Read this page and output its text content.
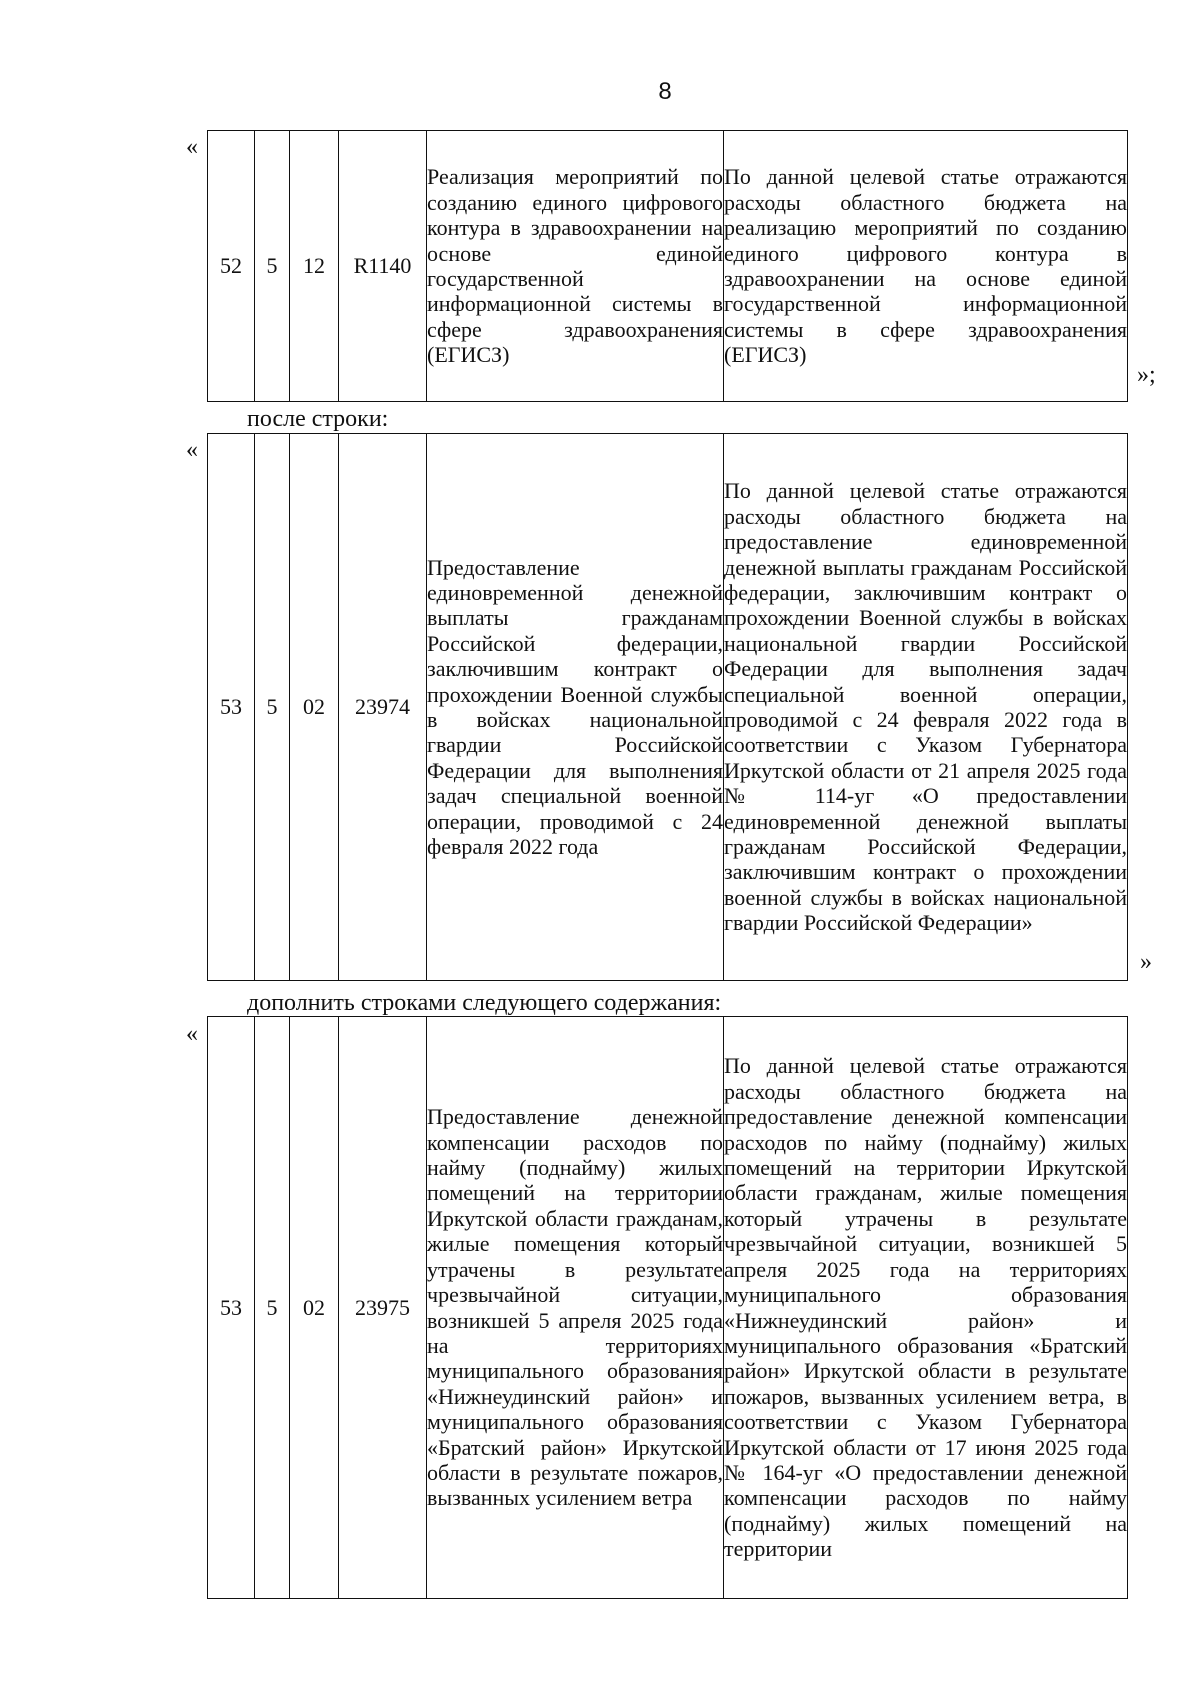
8
«
52	5	12	R1140	Реализация мероприятий по созданию единого цифрового контура в здравоохранении на основе единой государственной информационной системы в сфере здравоохранения (ЕГИСЗ)	По данной целевой статье отражаются расходы областного бюджета на реализацию мероприятий по созданию единого цифрового контура в здравоохранении на основе единой государственной информационной системы в сфере здравоохранения (ЕГИСЗ)
»;
после строки:
«
53	5	02	23974	Предоставление единовременной денежной выплаты гражданам Российской федерации, заключившим контракт о прохождении Военной службы в войсках национальной гвардии Российской Федерации для выполнения задач специальной военной операции, проводимой с 24 февраля 2022 года	По данной целевой статье отражаются расходы областного бюджета на предоставление единовременной денежной выплаты гражданам Российской федерации, заключившим контракт о прохождении Военной службы в войсках национальной гвардии Российской Федерации для выполнения задач специальной военной операции, проводимой с 24 февраля 2022 года в соответствии с Указом Губернатора Иркутской области от 21 апреля 2025 года № 114-уг «О предоставлении единовременной денежной выплаты гражданам Российской Федерации, заключившим контракт о прохождении военной службы в войсках национальной гвардии Российской Федерации»
»
дополнить строками следующего содержания:
«
53	5	02	23975	Предоставление денежной компенсации расходов по найму (поднайму) жилых помещений на территории Иркутской области гражданам, жилые помещения который утрачены в результате чрезвычайной ситуации, возникшей 5 апреля 2025 года на территориях муниципального образования «Нижнеудинский район» и муниципального образования «Братский район» Иркутской области в результате пожаров, вызванных усилением ветра	По данной целевой статье отражаются расходы областного бюджета на предоставление денежной компенсации расходов по найму (поднайму) жилых помещений на территории Иркутской области гражданам, жилые помещения который утрачены в результате чрезвычайной ситуации, возникшей 5 апреля 2025 года на территориях муниципального образования «Нижнеудинский район» и муниципального образования «Братский район» Иркутской области в результате пожаров, вызванных усилением ветра, в соответствии с Указом Губернатора Иркутской области от 17 июня 2025 года № 164-уг «О предоставлении денежной компенсации расходов по найму (поднайму) жилых помещений на территории
